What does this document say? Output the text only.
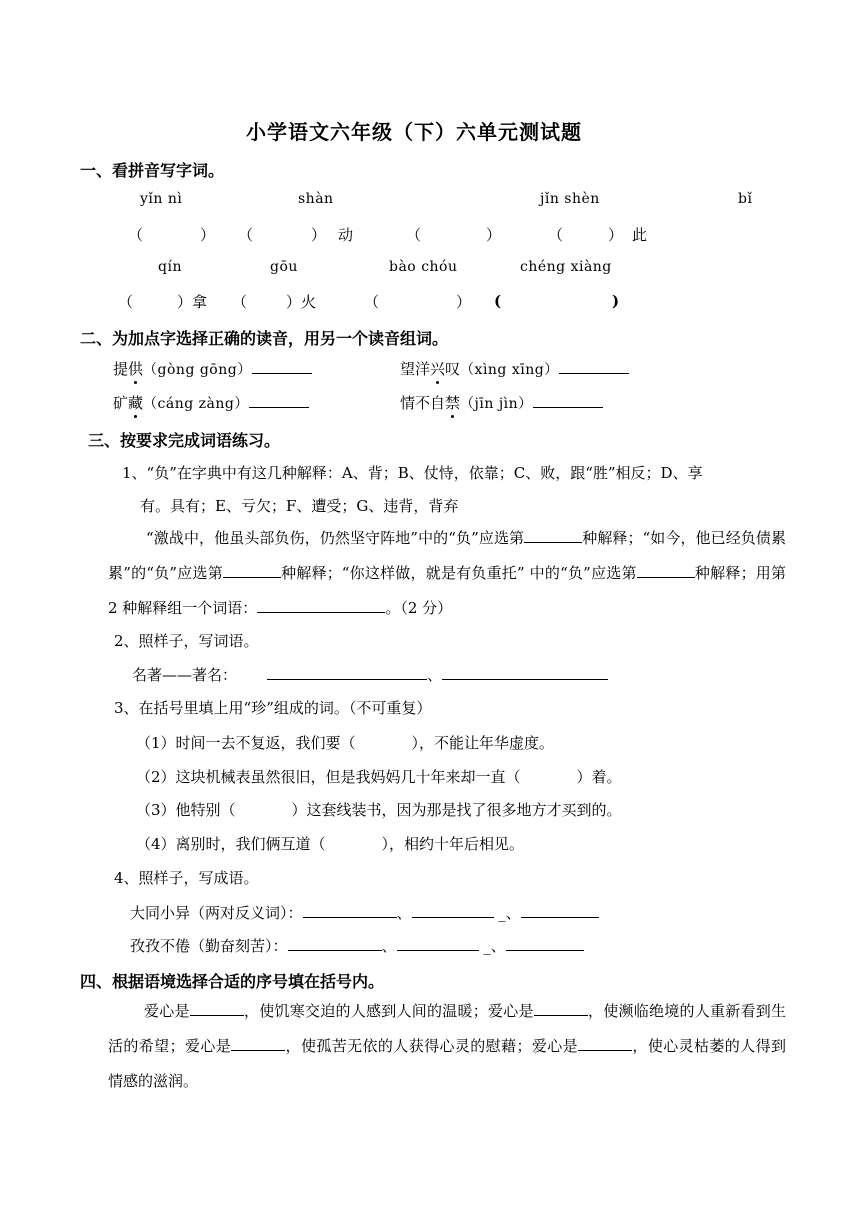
小学语文六年级（下）六单元测试题
一、看拼音写字词。
yǐn nì	shàn	jǐn shèn	bǐ
（	） （	） 动	（	）	（	） 此
qín	gōu	bào chóu	chéng xiàng
（	）拿 （	）火	（	） (	)
二、为加点字选择正确的读音，用另一个读音组词。
提供（gòng gōng）	望洋兴叹（xìng xīng）
矿藏（cáng zàng）	情不自禁（jīn jìn）
三、按要求完成词语练习。
1、“负”在字典中有这几种解释：A、背；B、仗恃，依靠；C、败，跟“胜”相反；D、享
有。具有；E、亏欠；F、遭受；G、违背，背弃
“激战中，他虽头部负伤，仍然坚守阵地”中的“负”应选第	种解释；“如今，他已经负债累累”的“负”应选第	种解释；“你这样做，就是有负重托” 中的“负”应选第	种解释；用第 2 种解释组一个词语：	。（2 分）
2、照样子，写词语。
名著——著名：	、
3、在括号里填上用“珍”组成的词。（不可重复）
（1）时间一去不复返，我们要（	），不能让年华虚度。
（2）这块机械表虽然很旧，但是我妈妈几十年来却一直（	）着。
（3）他特别（	）这套线装书，因为那是找了很多地方才买到的。
（4）离别时，我们俩互道（	），相约十年后相见。
4、照样子，写成语。
大同小异（两对反义词）：	、	_、
孜孜不倦（勤奋刻苦）：	、	_、
四、根据语境选择合适的序号填在括号内。
爱心是	，使饥寒交迫的人感到人间的温暖；爱心是	，使濒临绝境的人重新看到生活的希望；爱心是	，使孤苦无依的人获得心灵的慰藉；爱心是	，使心灵枯萎的人得到情感的滋润。
